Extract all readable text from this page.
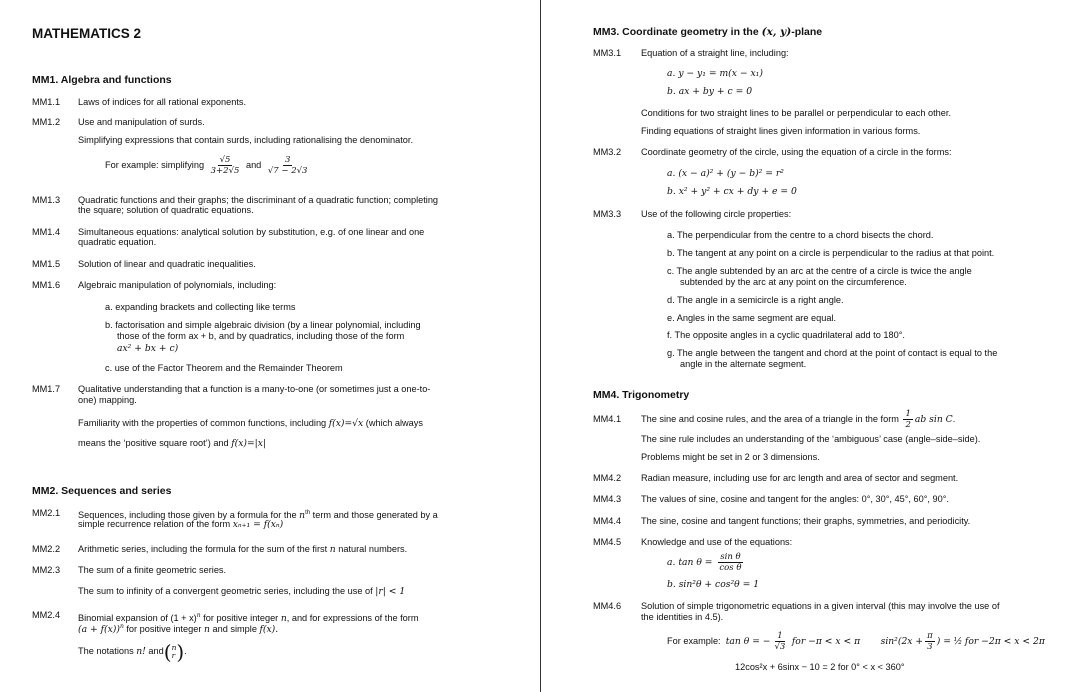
MATHEMATICS 2
MM1. Algebra and functions
MM1.1 Laws of indices for all rational exponents.
MM1.2 Use and manipulation of surds.
Simplifying expressions that contain surds, including rationalising the denominator.
For example: simplifying $\frac{√5}{3+2√5}$ and $\frac{3}{√7 - 2√3}$
MM1.3 Quadratic functions and their graphs; the discriminant of a quadratic function; completing
the square; solution of quadratic equations.
MM1.4 Simultaneous equations: analytical solution by substitution, e.g. of one linear and one
quadratic equation.
MM1.5 Solution of linear and quadratic inequalities.
MM1.6 Algebraic manipulation of polynomials, including:
a. expanding brackets and collecting like terms
b. factorisation and simple algebraic division (by a linear polynomial, including
those of the form ax + b, and by quadratics, including those of the form
ax² + bx + c)
c. use of the Factor Theorem and the Remainder Theorem
MM1.7 Qualitative understanding that a function is a many-to-one (or sometimes just a one-to-
one) mapping.
Familiarity with the properties of common functions, including f(x)=√x (which always
means the ‘positive square root’) and f(x)=|x|
MM2. Sequences and series
MM2.1 Sequences, including those given by a formula for the $n^{th}$ term and those generated by a
simple recurrence relation of the form xₙ₊₁ = f(xₙ)
MM2.2 Arithmetic series, including the formula for the sum of the first n natural numbers.
MM2.3 The sum of a finite geometric series.
The sum to infinity of a convergent geometric series, including the use of |r| < 1
MM2.4 Binomial expansion of $(1 + x)^n$ for positive integer n, and for expressions of the form
$(a + f(x))^n$ for positive integer n and simple f(x).
The notations n! and( n
r ).
MM3. Coordinate geometry in the (x, y)-plane
MM3.1 Equation of a straight line, including:
a. y − y₁ = m(x − x₁)
b. ax + by + c = 0
Conditions for two straight lines to be parallel or perpendicular to each other.
Finding equations of straight lines given information in various forms.
MM3.2 Coordinate geometry of the circle, using the equation of a circle in the forms:
a. (x − a)² + (y − b)² = r²
b. x² + y² + cx + dy + e = 0
MM3.3 Use of the following circle properties:
a. The perpendicular from the centre to a chord bisects the chord.
b. The tangent at any point on a circle is perpendicular to the radius at that point.
c. The angle subtended by an arc at the centre of a circle is twice the angle
subtended by the arc at any point on the circumference.
d. The angle in a semicircle is a right angle.
e. Angles in the same segment are equal.
f. The opposite angles in a cyclic quadrilateral add to 180°.
g. The angle between the tangent and chord at the point of contact is equal to the
angle in the alternate segment.
MM4. Trigonometry
MM4.1 The sine and cosine rules, and the area of a triangle in the form $\frac{1}{2}$ ab sin C.
The sine rule includes an understanding of the ‘ambiguous’ case (angle–side–side).
Problems might be set in 2 or 3 dimensions.
MM4.2 Radian measure, including use for arc length and area of sector and segment.
MM4.3 The values of sine, cosine and tangent for the angles: 0°, 30°, 45°, 60°, 90°.
MM4.4 The sine, cosine and tangent functions; their graphs, symmetries, and periodicity.
MM4.5 Knowledge and use of the equations:
a. $\tan \theta = \frac{\text{sin θ}}{\text{cos θ}}$
b. sin²θ + cos²θ = 1
MM4.6 Solution of simple trigonometric equations in a given interval (this may involve the use of
the identities in 4.5).
For example: tan θ = − $\frac{1}{√3}$ for −π < x < π $\sin^2(2x + \frac{\pi}{3}$ ) = ½ for −2π < x < 2π
12cos²x + 6sinx − 10 = 2 for 0° < x < 360°
